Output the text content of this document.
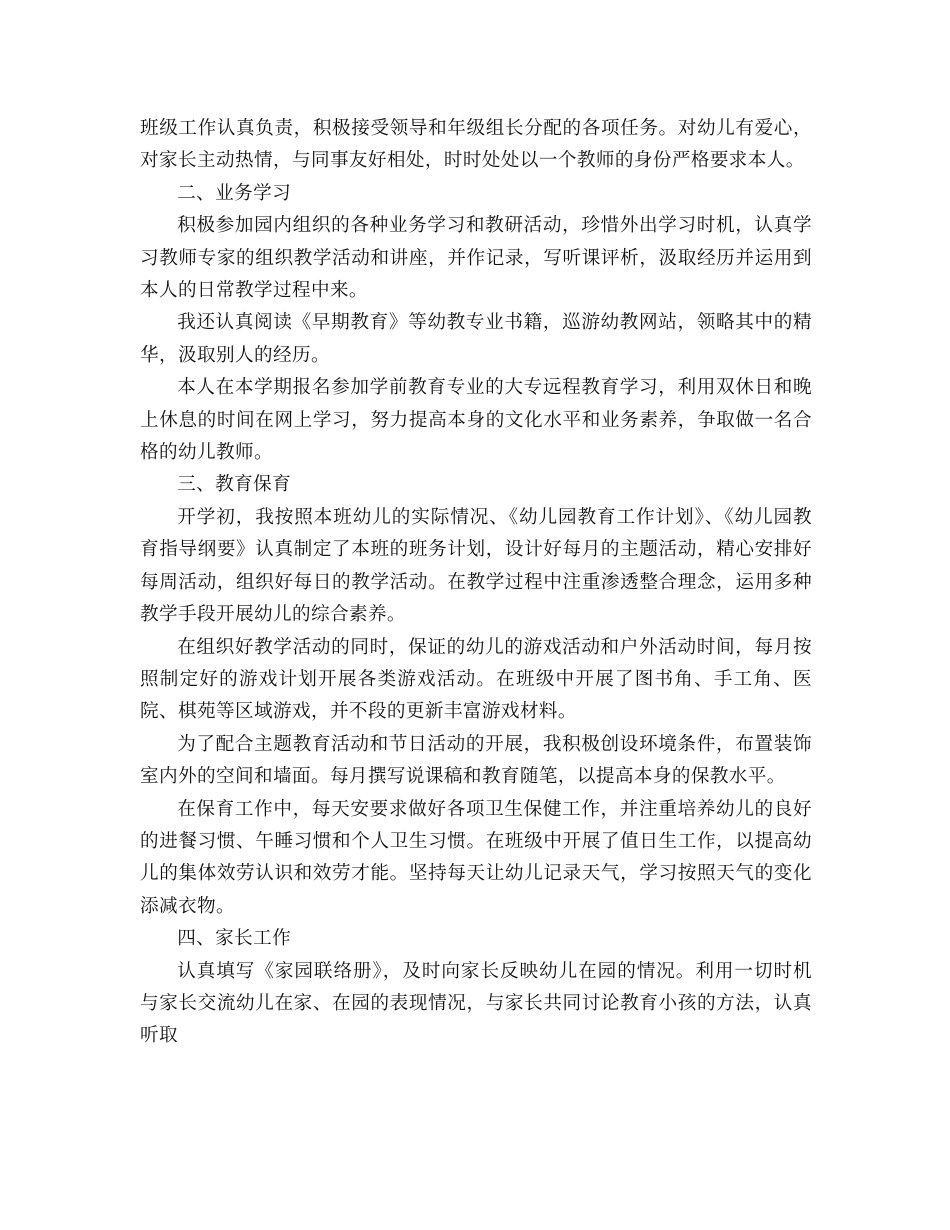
班级工作认真负责，积极接受领导和年级组长分配的各项任务。对幼儿有爱心，对家长主动热情，与同事友好相处，时时处处以一个教师的身份严格要求本人。

二、业务学习

积极参加园内组织的各种业务学习和教研活动，珍惜外出学习时机，认真学习教师专家的组织教学活动和讲座，并作记录，写听课评析，汲取经历并运用到本人的日常教学过程中来。

我还认真阅读《早期教育》等幼教专业书籍，巡游幼教网站，领略其中的精华，汲取别人的经历。

本人在本学期报名参加学前教育专业的大专远程教育学习，利用双休日和晚上休息的时间在网上学习，努力提高本身的文化水平和业务素养，争取做一名合格的幼儿教师。

三、教育保育

开学初，我按照本班幼儿的实际情况、《幼儿园教育工作计划》、《幼儿园教育指导纲要》认真制定了本班的班务计划，设计好每月的主题活动，精心安排好每周活动，组织好每日的教学活动。在教学过程中注重渗透整合理念，运用多种教学手段开展幼儿的综合素养。

在组织好教学活动的同时，保证的幼儿的游戏活动和户外活动时间，每月按照制定好的游戏计划开展各类游戏活动。在班级中开展了图书角、手工角、医院、棋苑等区域游戏，并不段的更新丰富游戏材料。

为了配合主题教育活动和节日活动的开展，我积极创设环境条件，布置装饰室内外的空间和墙面。每月撰写说课稿和教育随笔，以提高本身的保教水平。

在保育工作中，每天安要求做好各项卫生保健工作，并注重培养幼儿的良好的进餐习惯、午睡习惯和个人卫生习惯。在班级中开展了值日生工作，以提高幼儿的集体效劳认识和效劳才能。坚持每天让幼儿记录天气，学习按照天气的变化添减衣物。

四、家长工作

认真填写《家园联络册》，及时向家长反映幼儿在园的情况。利用一切时机与家长交流幼儿在家、在园的表现情况，与家长共同讨论教育小孩的方法，认真听取
